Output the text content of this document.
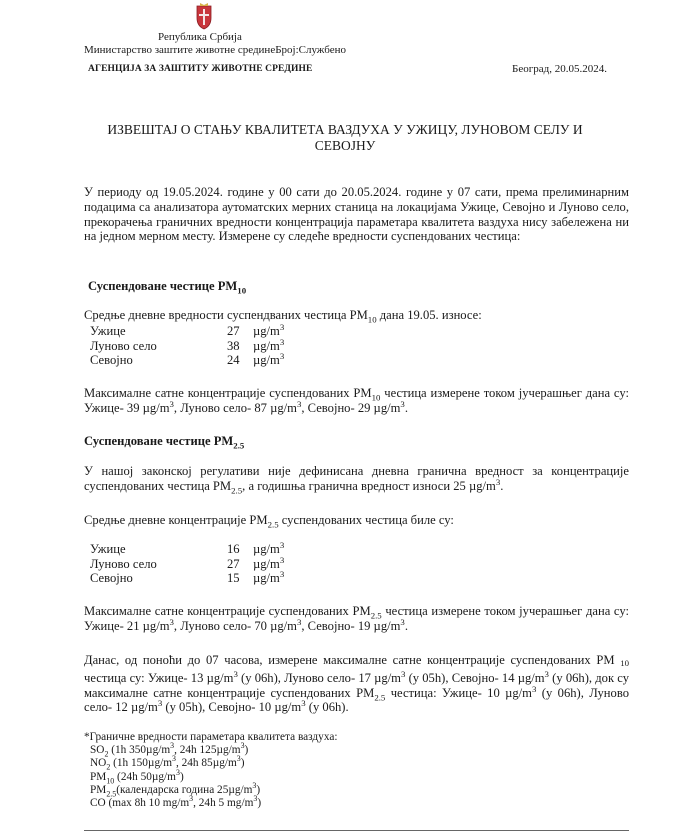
Република Србија
Министарство заштите животне срединеБрој:Службено
АГЕНЦИЈА ЗА ЗАШТИТУ ЖИВОТНЕ СРЕДИНЕ	Београд, 20.05.2024.
ИЗВЕШТАЈ О СТАЊУ КВАЛИТЕТА ВАЗДУХА У УЖИЦУ, ЛУНОВОМ СЕЛУ И СЕВОЈНУ
У периоду од 19.05.2024. године у 00 сати до 20.05.2024. године у 07 сати, према прелиминарним подацима са анализатора аутоматских мерних станица на локацијама Ужице, Севојно и Луново село, прекорачења граничних вредности концентрација параметара квалитета ваздуха нису забележена ни на једном мерном месту. Измерене су следеће вредности суспендованих честица:
Суспендоване честице $PM_{10}$
Средње дневне вредности суспендваних честица $PM_{10}$ дана 19.05. износе:
Ужице	27	$\mu g/m^3$
Луново село	38	$\mu g/m^3$
Севојно	24	$\mu g/m^3$
Максималне сатне концентрације суспендованих $PM_{10}$ честица измерене током јучерашњег дана су: Ужице- 39 $\mu g/m^3$, Луново село- 87 $\mu g/m^3$, Севојно- 29 $\mu g/m^3$.
Суспендоване честице $PM_{2.5}$
У нашој законској регулативи није дефинисана дневна гранична вредност за концентрације суспендованих честица $PM_{2.5}$, а годишња гранична вредност износи 25 $\mu g/m^3$.
Средње дневне концентрације $PM_{2.5}$ суспендованих честица биле су:
Ужице	16	$\mu g/m^3$
Луново село	27	$\mu g/m^3$
Севојно	15	$\mu g/m^3$
Максималне сатне концентрације суспендованих $PM_{2.5}$ честица измерене током јучерашњег дана су: Ужице- 21 $\mu g/m^3$, Луново село- 70 $\mu g/m^3$, Севојно- 19 $\mu g/m^3$.
Данас, од поноћи до 07 часова, измерене максималне сатне концентрације суспендованих PM 10 честица су: Ужице- 13 $\mu g/m^3$ (у 06h), Луново село- 17 $\mu g/m^3$ (у 05h), Севојно- 14 $\mu g/m^3$ (у 06h), док су максималне сатне концентрације суспендованих $PM_{2.5}$ честица: Ужице- 10 $\mu g/m^3$ (у 06h), Луново село- 12 $\mu g/m^3$ (у 05h), Севојно- 10 $\mu g/m^3$ (у 06h).
*Граничне вредности параметара квалитета ваздуха:
$SO_2$ (1h $350\mu g/m^3$, 24h $125\mu g/m^3$)
$NO_2$ (1h $150\mu g/m^3$, 24h $85\mu g/m^3$)
$PM_{10}$ (24h $50\mu g/m^3$)
$PM_{2.5}(календарска$ година $25\mu g/m^3$)
CO (max 8h 10 $mg/m^3$, 24h 5 $mg/m^3$)
